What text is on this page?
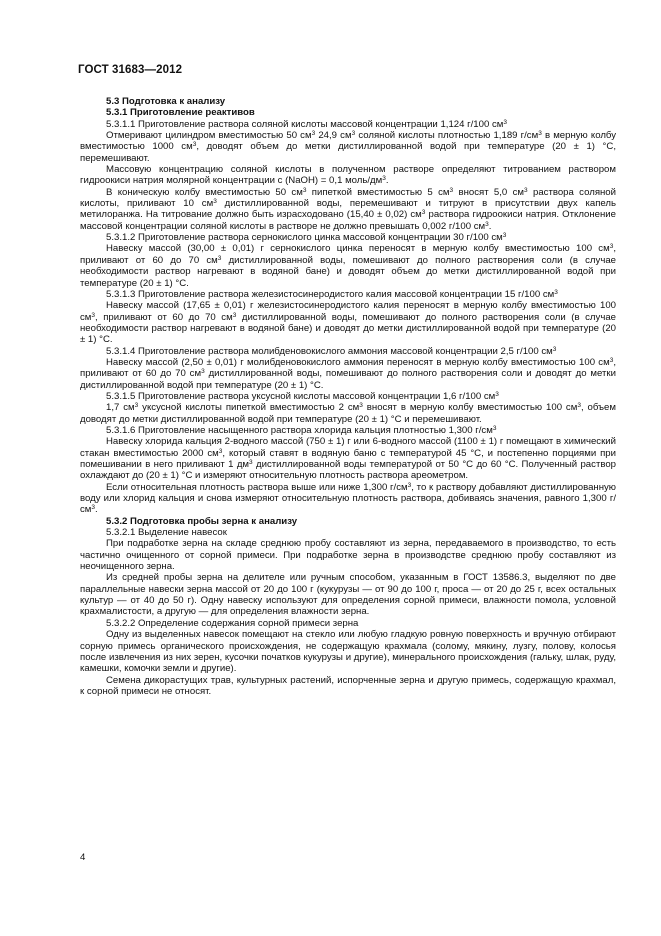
ГОСТ 31683—2012

5.3 Подготовка к анализу

5.3.1 Приготовление реактивов

5.3.1.1 Приготовление раствора соляной кислоты массовой концентрации 1,124 г/100 $см^3$

Отмеривают цилиндром вместимостью 50 $см^3$ 24,9 $см^3$ соляной кислоты плотностью 1,189 $г/см^3$ в мерную колбу вместимостью 1000 $см^3$, доводят объем до метки дистиллированной водой при температуре (20 ± 1) °С, перемешивают.

Массовую концентрацию соляной кислоты в полученном растворе определяют титрованием раствором гидроокиси натрия молярной концентрации с (NaOH) = 0,1 моль/$дм^3$.

В коническую колбу вместимостью 50 $см^3$ пипеткой вместимостью 5 $см^3$ вносят 5,0 $см^3$ раствора соляной кислоты, приливают 10 $см^3$ дистиллированной воды, перемешивают и титруют в присутствии двух капель метилоранжа. На титрование должно быть израсходовано (15,40 ± 0,02) $см^3$ раствора гидроокиси натрия. Отклонение массовой концентрации соляной кислоты в растворе не должно превышать 0,002 г/100 $см^3$.

5.3.1.2 Приготовление раствора сернокислого цинка массовой концентрации 30 г/100 $см^3$

Навеску массой (30,00 ± 0,01) г сернокислого цинка переносят в мерную колбу вместимостью 100 $см^3$, приливают от 60 до 70 $см^3$ дистиллированной воды, помешивают до полного растворения соли (в случае необходимости раствор нагревают в водяной бане) и доводят объем до метки дистиллированной водой при температуре (20 ± 1) °С.

5.3.1.3 Приготовление раствора железистосинеродистого калия массовой концентрации 15 г/100 $см^3$

Навеску массой (17,65 ± 0,01) г железистосинеродистого калия переносят в мерную колбу вместимостью 100 $см^3$, приливают от 60 до 70 $см^3$ дистиллированной воды, помешивают до полного растворения соли (в случае необходимости раствор нагревают в водяной бане) и доводят до метки дистиллированной водой при температуре (20 ± 1) °С.

5.3.1.4 Приготовление раствора молибденовокислого аммония массовой концентрации 2,5 г/100 $см^3$

Навеску массой (2,50 ± 0,01) г молибденовокислого аммония переносят в мерную колбу вместимостью 100 $см^3$, приливают от 60 до 70 $см^3$ дистиллированной воды, помешивают до полного растворения соли и доводят до метки дистиллированной водой при температуре (20 ± 1) °С.

5.3.1.5 Приготовление раствора уксусной кислоты массовой концентрации 1,6 г/100 $см^3$

1,7 $см^3$ уксусной кислоты пипеткой вместимостью 2 $см^3$ вносят в мерную колбу вместимостью 100 $см^3$, объем доводят до метки дистиллированной водой при температуре (20 ± 1) °С и перемешивают.

5.3.1.6 Приготовление насыщенного раствора хлорида кальция плотностью 1,300 $г/см^3$

Навеску хлорида кальция 2-водного массой (750 ± 1) г или 6-водного массой (1100 ± 1) г помещают в химический стакан вместимостью 2000 $см^3$, который ставят в водяную баню с температурой 45 °С, и постепенно порциями при помешивании в него приливают 1 $дм^3$ дистиллированной воды температурой от 50 °С до 60 °С. Полученный раствор охлаждают до (20 ± 1) °С и измеряют относительную плотность раствора ареометром.

Если относительная плотность раствора выше или ниже 1,300 $г/см^3$, то к раствору добавляют дистиллированную воду или хлорид кальция и снова измеряют относительную плотность раствора, добиваясь значения, равного 1,300 $г/см^3$.

5.3.2 Подготовка пробы зерна к анализу

5.3.2.1 Выделение навесок

При подработке зерна на складе среднюю пробу составляют из зерна, передаваемого в производство, то есть частично очищенного от сорной примеси. При подработке зерна в производстве среднюю пробу составляют из неочищенного зерна.

Из средней пробы зерна на делителе или ручным способом, указанным в ГОСТ 13586.3, выделяют по две параллельные навески зерна массой от 20 до 100 г (кукурузы — от 90 до 100 г, проса — от 20 до 25 г, всех остальных культур — от 40 до 50 г). Одну навеску используют для определения сорной примеси, влажности помола, условной крахмалистости, а другую — для определения влажности зерна.

5.3.2.2 Определение содержания сорной примеси зерна

Одну из выделенных навесок помещают на стекло или любую гладкую ровную поверхность и вручную отбирают сорную примесь органического происхождения, не содержащую крахмала (солому, мякину, лузгу, полову, колосья после извлечения из них зерен, кусочки початков кукурузы и другие), минерального происхождения (гальку, шлак, руду, камешки, комочки земли и другие).

Семена дикорастущих трав, культурных растений, испорченные зерна и другую примесь, содержащую крахмал, к сорной примеси не относят.

4
